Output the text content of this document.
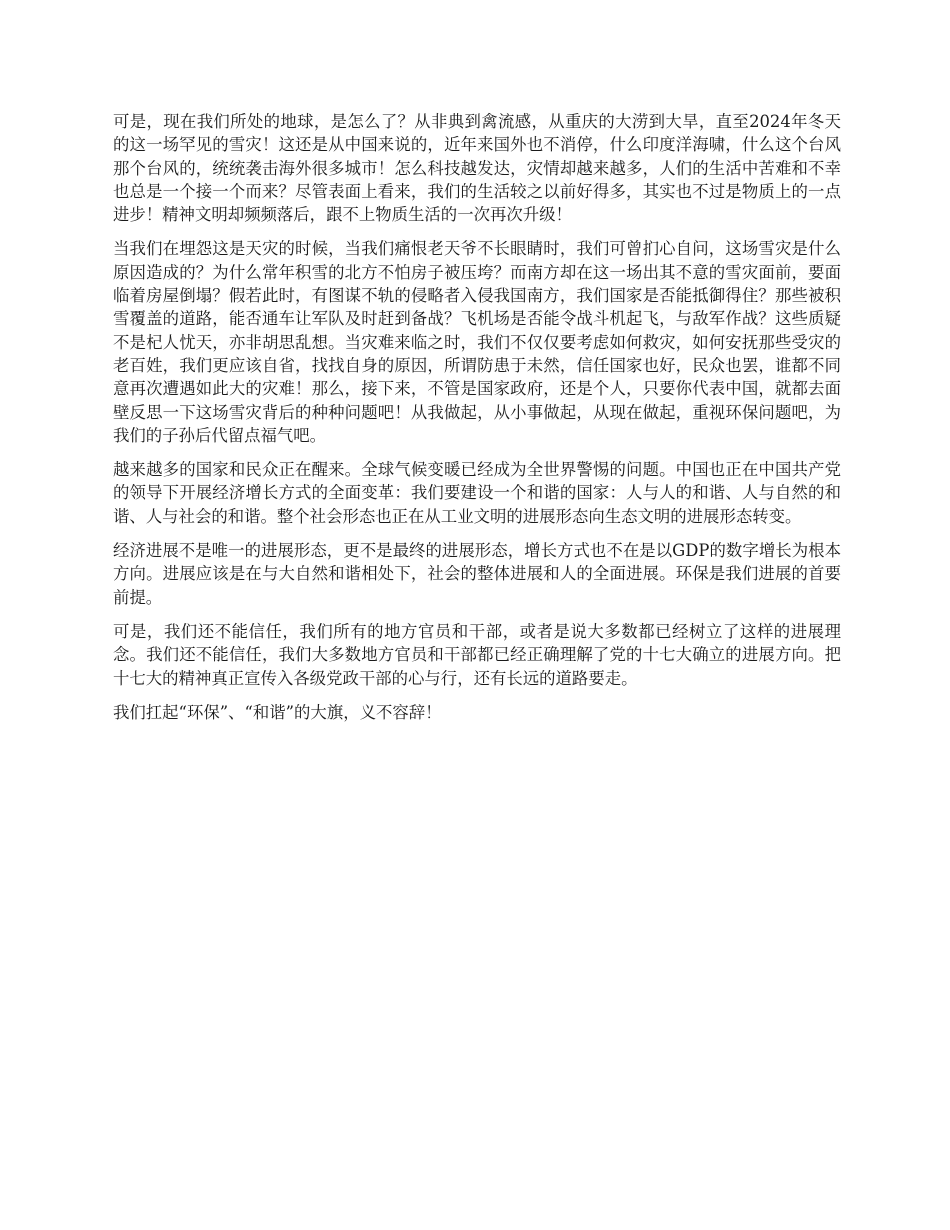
可是，现在我们所处的地球，是怎么了？从非典到禽流感，从重庆的大涝到大旱，直至2024年冬天的这一场罕见的雪灾！这还是从中国来说的，近年来国外也不消停，什么印度洋海啸，什么这个台风那个台风的，统统袭击海外很多城市！怎么科技越发达，灾情却越来越多，人们的生活中苦难和不幸也总是一个接一个而来？尽管表面上看来，我们的生活较之以前好得多，其实也不过是物质上的一点进步！精神文明却频频落后，跟不上物质生活的一次再次升级！

当我们在埋怨这是天灾的时候，当我们痛恨老天爷不长眼睛时，我们可曾扪心自问，这场雪灾是什么原因造成的？为什么常年积雪的北方不怕房子被压垮？而南方却在这一场出其不意的雪灾面前，要面临着房屋倒塌？假若此时，有图谋不轨的侵略者入侵我国南方，我们国家是否能抵御得住？那些被积雪覆盖的道路，能否通车让军队及时赶到备战？飞机场是否能令战斗机起飞，与敌军作战？这些质疑不是杞人忧天，亦非胡思乱想。当灾难来临之时，我们不仅仅要考虑如何救灾，如何安抚那些受灾的老百姓，我们更应该自省，找找自身的原因，所谓防患于未然，信任国家也好，民众也罢，谁都不同意再次遭遇如此大的灾难！那么，接下来，不管是国家政府，还是个人，只要你代表中国，就都去面壁反思一下这场雪灾背后的种种问题吧！从我做起，从小事做起，从现在做起，重视环保问题吧，为我们的子孙后代留点福气吧。

越来越多的国家和民众正在醒来。全球气候变暖已经成为全世界警惕的问题。中国也正在中国共产党的领导下开展经济增长方式的全面变革：我们要建设一个和谐的国家：人与人的和谐、人与自然的和谐、人与社会的和谐。整个社会形态也正在从工业文明的进展形态向生态文明的进展形态转变。

经济进展不是唯一的进展形态，更不是最终的进展形态，增长方式也不在是以GDP的数字增长为根本方向。进展应该是在与大自然和谐相处下，社会的整体进展和人的全面进展。环保是我们进展的首要前提。

可是，我们还不能信任，我们所有的地方官员和干部，或者是说大多数都已经树立了这样的进展理念。我们还不能信任，我们大多数地方官员和干部都已经正确理解了党的十七大确立的进展方向。把十七大的精神真正宣传入各级党政干部的心与行，还有长远的道路要走。

我们扛起“环保”、“和谐”的大旗，义不容辞！
